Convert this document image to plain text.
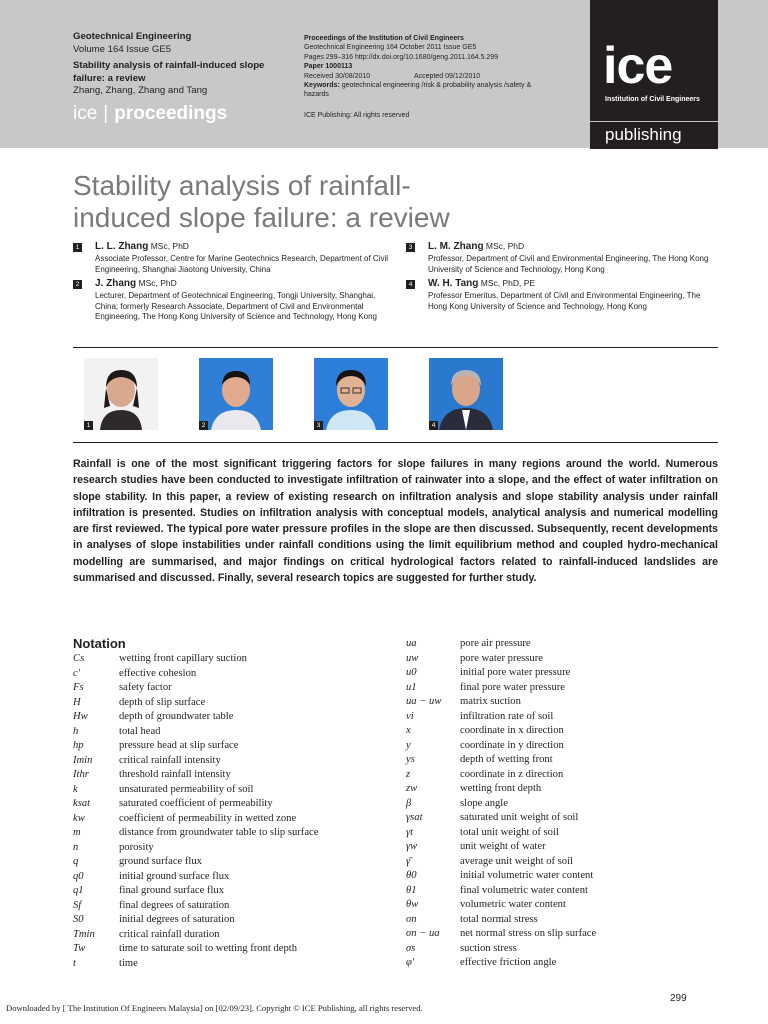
Geotechnical Engineering
Volume 164 Issue GE5
Stability analysis of rainfall-induced slope
failure: a review
Zhang, Zhang, Zhang and Tang
ice | proceedings
Proceedings of the Institution of Civil Engineers
Geotechnical Engineering 164 October 2011 Issue GE5
Pages 299–316 http://dx.doi.org/10.1680/geng.2011.164.5.299
Paper 1000113
Received 30/08/2010	Accepted 09/12/2010
Keywords: geotechnical engineering /risk & probability analysis /safety &
hazards
ICE Publishing: All rights reserved
ice
Institution of Civil Engineers
publishing
Stability analysis of rainfall-
induced slope failure: a review
1 L. L. Zhang MSc, PhD
Associate Professor, Centre for Marine Geotechnics Research, Department of Civil Engineering, Shanghai Jiaotong University, China
2 J. Zhang MSc, PhD
Lecturer, Department of Geotechnical Engineering, Tongji University, Shanghai, China; formerly Research Associate, Department of Civil and Environmental Engineering, The Hong Kong University of Science and Technology, Hong Kong
3 L. M. Zhang MSc, PhD
Professor, Department of Civil and Environmental Engineering, The Hong Kong University of Science and Technology, Hong Kong
4 W. H. Tang MSc, PhD, PE
Professor Emeritus, Department of Civil and Environmental Engineering, The Hong Kong University of Science and Technology, Hong Kong
1	2	3	4
Rainfall is one of the most significant triggering factors for slope failures in many regions around the world. Numerous research studies have been conducted to investigate infiltration of rainwater into a slope, and the effect of water infiltration on slope stability. In this paper, a review of existing research on infiltration analysis and slope stability analysis under rainfall infiltration is presented. Studies on infiltration analysis with conceptual models, analytical analysis and numerical modelling are first reviewed. The typical pore water pressure profiles in the slope are then discussed. Subsequently, recent developments in analyses of slope instabilities under rainfall conditions using the limit equilibrium method and coupled hydro-mechanical modelling are summarised, and major findings on critical hydrological factors related to rainfall-induced landslides are summarised and discussed. Finally, several research topics are suggested for further study.
Notation
Cs	wetting front capillary suction
c′	effective cohesion
Fs	safety factor
H	depth of slip surface
Hw	depth of groundwater table
h	total head
hp	pressure head at slip surface
Imin	critical rainfall intensity
Ithr	threshold rainfall intensity
k	unsaturated permeability of soil
ksat	saturated coefficient of permeability
kw	coefficient of permeability in wetted zone
m	distance from groundwater table to slip surface
n	porosity
q	ground surface flux
q0	initial ground surface flux
q1	final ground surface flux
Sf	final degrees of saturation
S0	initial degrees of saturation
Tmin	critical rainfall duration
Tw	time to saturate soil to wetting front depth
t	time
ua	pore air pressure
uw	pore water pressure
u0	initial pore water pressure
u1	final pore water pressure
ua − uw	matrix suction
vi	infiltration rate of soil
x	coordinate in x direction
y	coordinate in y direction
ys	depth of wetting front
z	coordinate in z direction
zw	wetting front depth
β	slope angle
γsat	saturated unit weight of soil
γt	total unit weight of soil
γw	unit weight of water
γ̄	average unit weight of soil
θ0	initial volumetric water content
θ1	final volumetric water content
θw	volumetric water content
σn	total normal stress
σn − ua	net normal stress on slip surface
σs	suction stress
φ′	effective friction angle
299
Downloaded by [ The Institution Of Engineers Malaysia] on [02/09/23]. Copyright © ICE Publishing, all rights reserved.
